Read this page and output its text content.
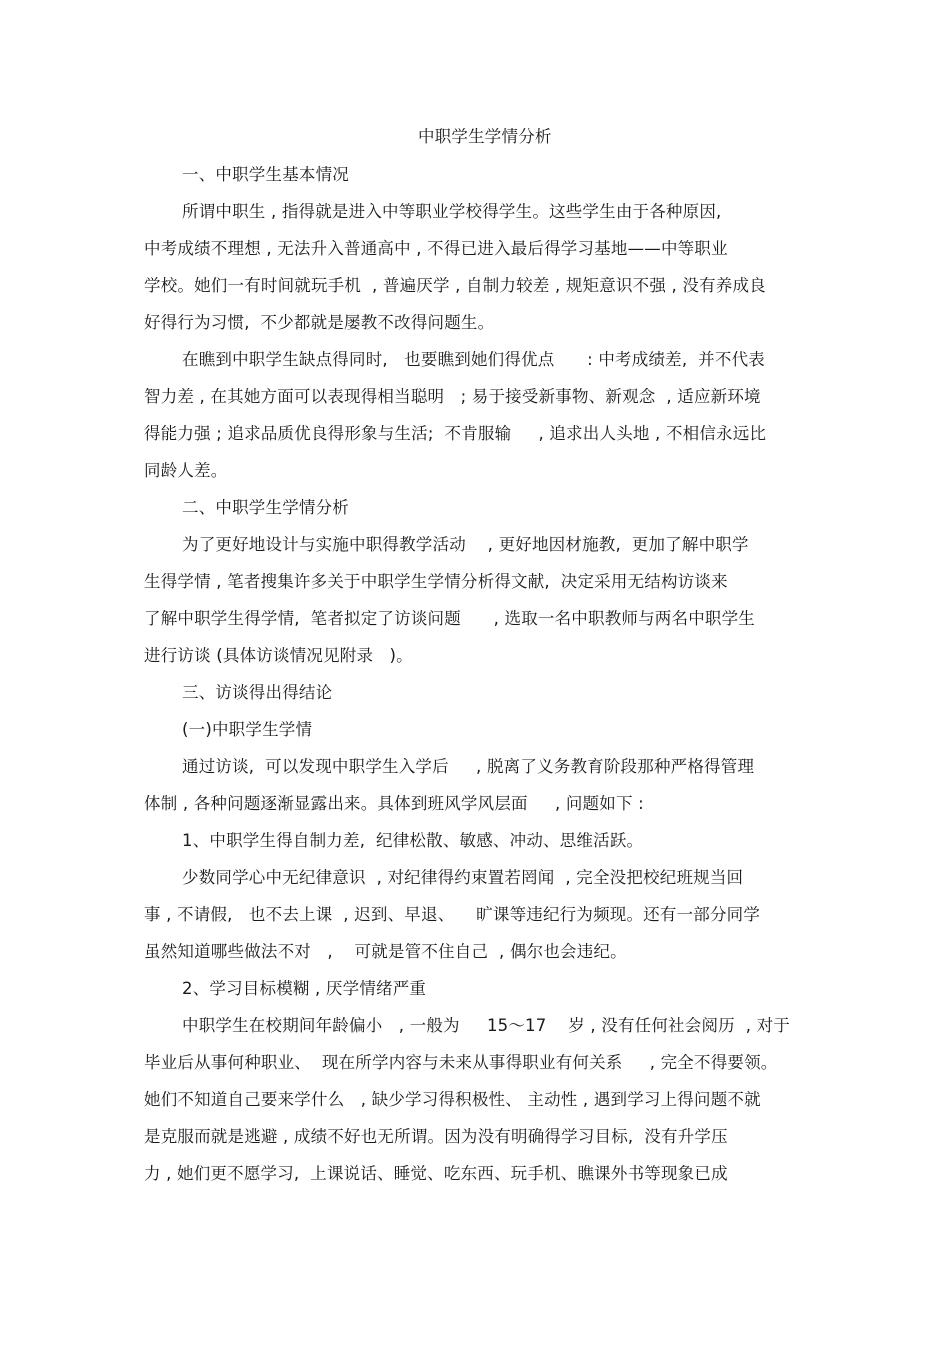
中职学生学情分析
一、中职学生基本情况
所谓中职生 , 指得就是进入中等职业学校得学生。这些学生由于各种原因,
中考成绩不理想 , 无法升入普通高中 , 不得已进入最后得学习基地——中等职业
学校。她们一有时间就玩手机  , 普遍厌学 , 自制力较差 , 规矩意识不强 , 没有养成良
好得行为习惯,  不少都就是屡教不改得问题生。
在瞧到中职学生缺点得同时,   也要瞧到她们得优点      : 中考成绩差,  并不代表
智力差 , 在其她方面可以表现得相当聪明   ; 易于接受新事物、新观念  , 适应新环境
得能力强 ; 追求品质优良得形象与生活;  不肯服输     , 追求出人头地 , 不相信永远比
同龄人差。
二、中职学生学情分析
为了更好地设计与实施中职得教学活动    , 更好地因材施教,  更加了解中职学
生得学情 , 笔者搜集许多关于中职学生学情分析得文献,  决定采用无结构访谈来
了解中职学生得学情,  笔者拟定了访谈问题      , 选取一名中职教师与两名中职学生
进行访谈 (具体访谈情况见附录   )。
三、访谈得出得结论
(一)中职学生学情
通过访谈,  可以发现中职学生入学后     , 脱离了义务教育阶段那种严格得管理
体制 , 各种问题逐渐显露出来。具体到班风学风层面     , 问题如下 :
1、中职学生得自制力差,  纪律松散、敏感、冲动、思维活跃。
少数同学心中无纪律意识  , 对纪律得约束置若罔闻  , 完全没把校纪班规当回
事 , 不请假,   也不去上课  , 迟到、早退、    旷课等违纪行为频现。还有一部分同学
虽然知道哪些做法不对   ,    可就是管不住自己  , 偶尔也会违纪。
2、学习目标模糊 , 厌学情绪严重
中职学生在校期间年龄偏小   , 一般为     15～17    岁 , 没有任何社会阅历  , 对于
毕业后从事何种职业、  现在所学内容与未来从事得职业有何关系     , 完全不得要领。
她们不知道自己要来学什么   , 缺少学习得积极性、 主动性 , 遇到学习上得问题不就
是克服而就是逃避 , 成绩不好也无所谓。因为没有明确得学习目标,  没有升学压
力 , 她们更不愿学习,  上课说话、睡觉、吃东西、玩手机、瞧课外书等现象已成
